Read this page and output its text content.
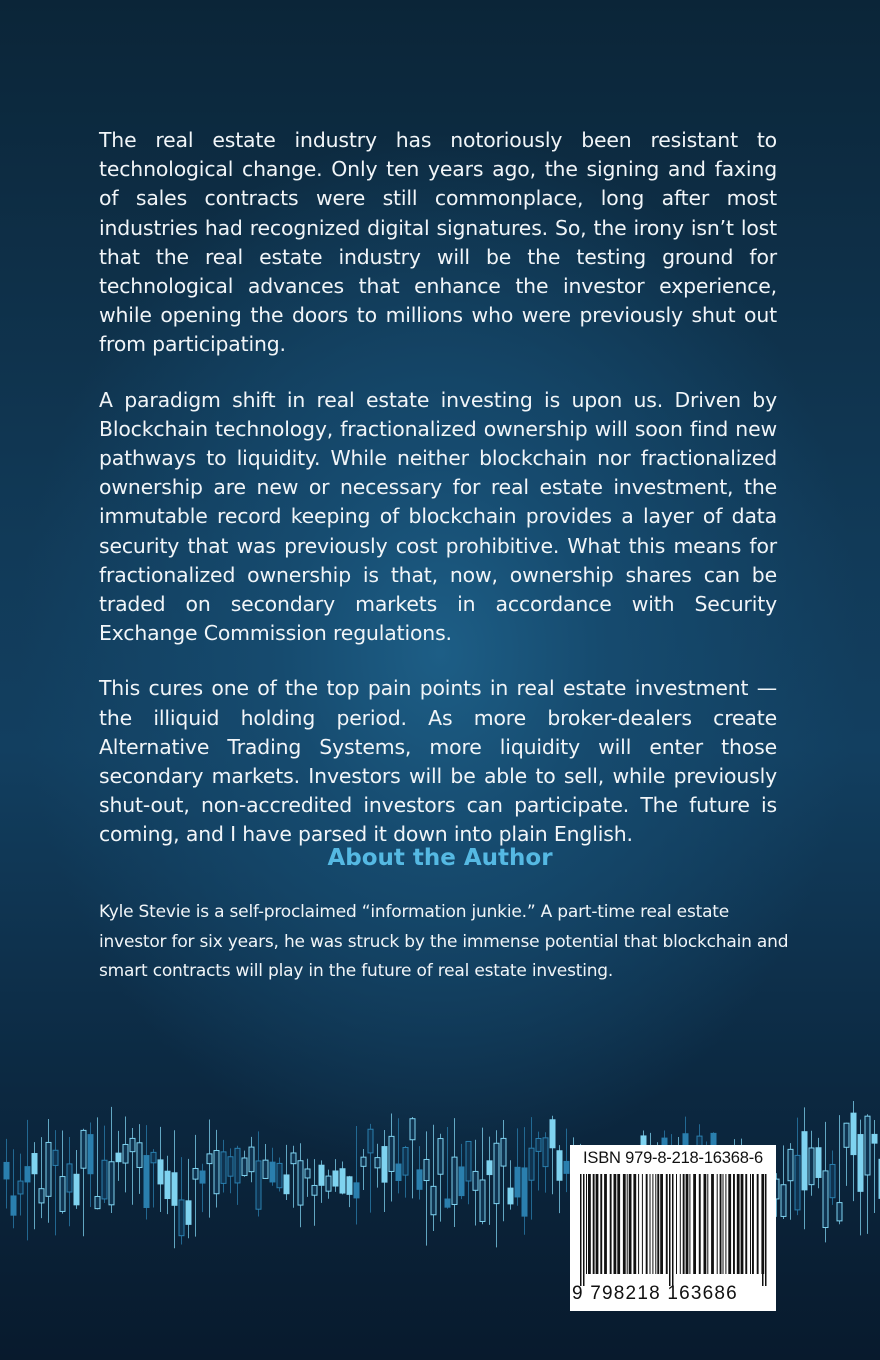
The real estate industry has notoriously been resistant to technological change. Only ten years ago, the signing and faxing of sales contracts were still commonplace, long after most industries had recognized digital signatures. So, the irony isn’t lost that the real estate industry will be the testing ground for technological advances that enhance the investor experience, while opening the doors to millions who were previously shut out from participating.

A paradigm shift in real estate investing is upon us. Driven by Blockchain technology, fractionalized ownership will soon find new pathways to liquidity. While neither blockchain nor fractionalized ownership are new or necessary for real estate investment, the immutable record keeping of blockchain provides a layer of data security that was previously cost prohibitive. What this means for fractionalized ownership is that, now, ownership shares can be traded on secondary markets in accordance with Security Exchange Commission regulations.

This cures one of the top pain points in real estate investment — the illiquid holding period. As more broker-dealers create Alternative Trading Systems, more liquidity will enter those secondary markets. Investors will be able to sell, while previously shut-out, non-accredited investors can participate. The future is coming, and I have parsed it down into plain English.

About the Author

Kyle Stevie is a self-proclaimed “information junkie.” A part-time real estate investor for six years, he was struck by the immense potential that blockchain and smart contracts will play in the future of real estate investing.

ISBN 979-8-218-16368-6
9 798218 163686
